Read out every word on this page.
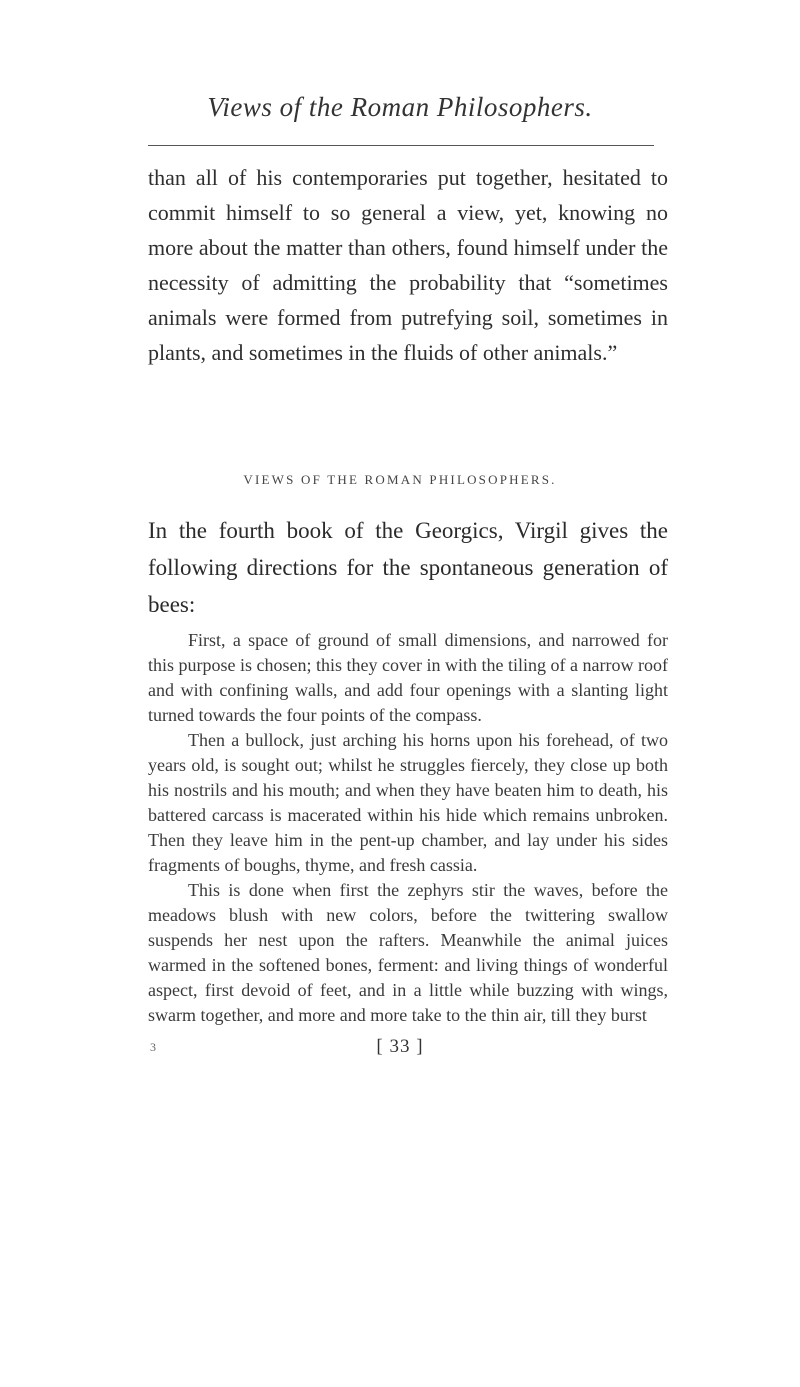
Views of the Roman Philosophers.

than all of his contemporaries put together, hesitated to commit himself to so general a view, yet, knowing no more about the matter than others, found himself under the necessity of admitting the probability that “sometimes animals were formed from putrefying soil, sometimes in plants, and sometimes in the fluids of other animals.”

VIEWS OF THE ROMAN PHILOSOPHERS.

In the fourth book of the Georgics, Virgil gives the following directions for the spontaneous generation of bees:

First, a space of ground of small dimensions, and narrowed for this purpose is chosen; this they cover in with the tiling of a narrow roof and with confining walls, and add four openings with a slanting light turned towards the four points of the compass.

Then a bullock, just arching his horns upon his forehead, of two years old, is sought out; whilst he struggles fiercely, they close up both his nostrils and his mouth; and when they have beaten him to death, his battered carcass is macerated within his hide which remains unbroken. Then they leave him in the pent-up chamber, and lay under his sides fragments of boughs, thyme, and fresh cassia.

This is done when first the zephyrs stir the waves, before the meadows blush with new colors, before the twittering swallow suspends her nest upon the rafters. Meanwhile the animal juices warmed in the softened bones, ferment: and living things of wonderful aspect, first devoid of feet, and in a little while buzzing with wings, swarm together, and more and more take to the thin air, till they burst

3	[ 33 ]
